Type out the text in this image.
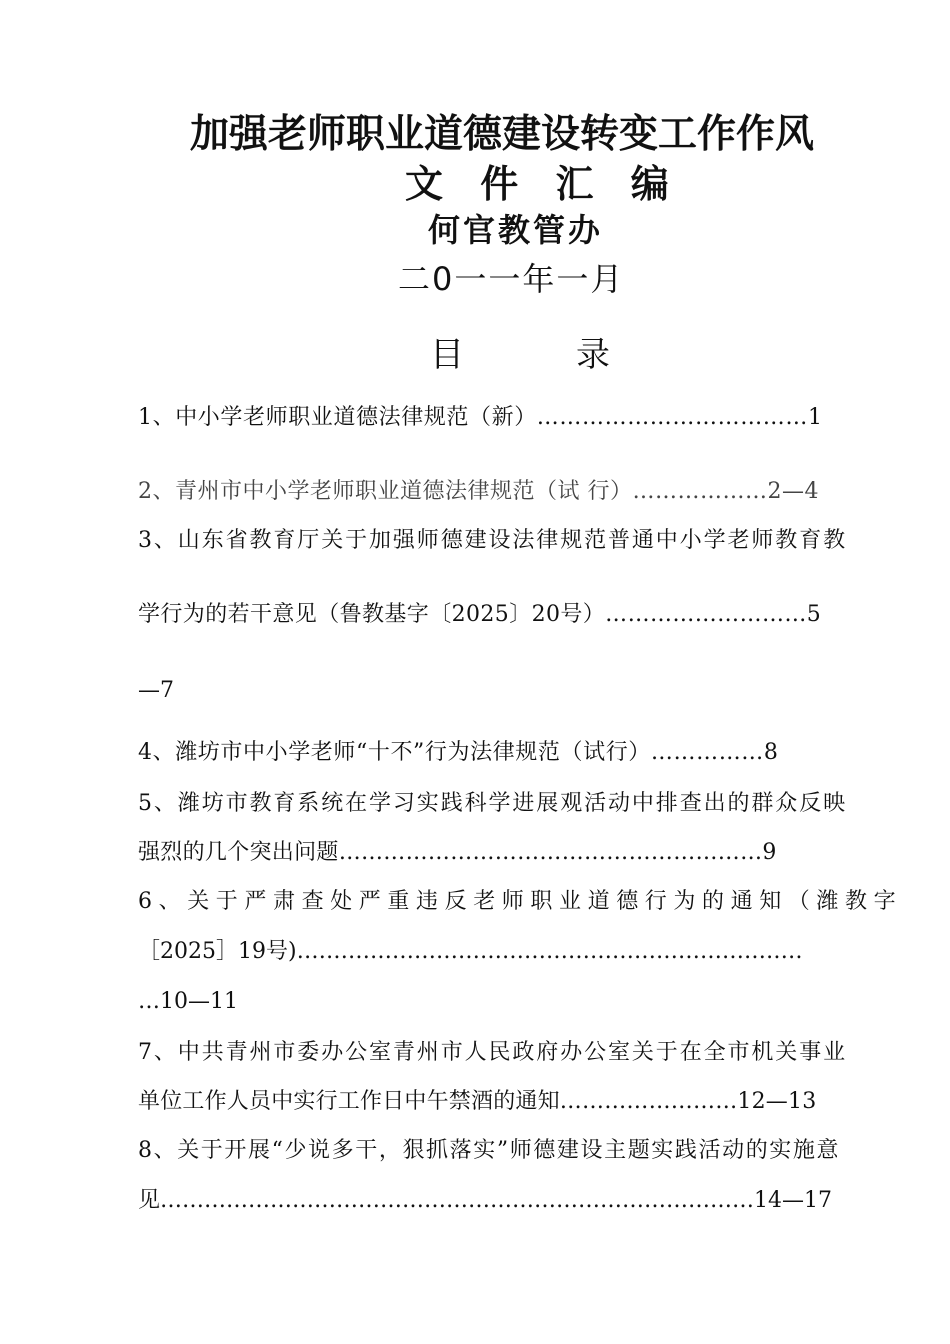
加强老师职业道德建设转变工作作风
文 件 汇 编
何官教管办
二0一一年一月
目	录
1、中小学老师职业道德法律规范（新）………………………………1
2、青州市中小学老师职业道德法律规范（试 行）………………2—4
3、山东省教育厅关于加强师德建设法律规范普通中小学老师教育教
学行为的若干意见（鲁教基字〔2025〕20号）………………………5
—7
4、潍坊市中小学老师“十不”行为法律规范（试行）……………8
5、潍坊市教育系统在学习实践科学进展观活动中排查出的群众反映
强烈的几个突出问题…………………………………………………9
6、关于严肃查处严重违反老师职业道德行为的通知（潍教字
［2025］19号)……………………………………………………………
…10—11
7、中共青州市委办公室青州市人民政府办公室关于在全市机关事业
单位工作人员中实行工作日中午禁酒的通知……………………12—13
8、关于开展“少说多干，狠抓落实”师德建设主题实践活动的实施意
见………………………………………………………………………14—17
